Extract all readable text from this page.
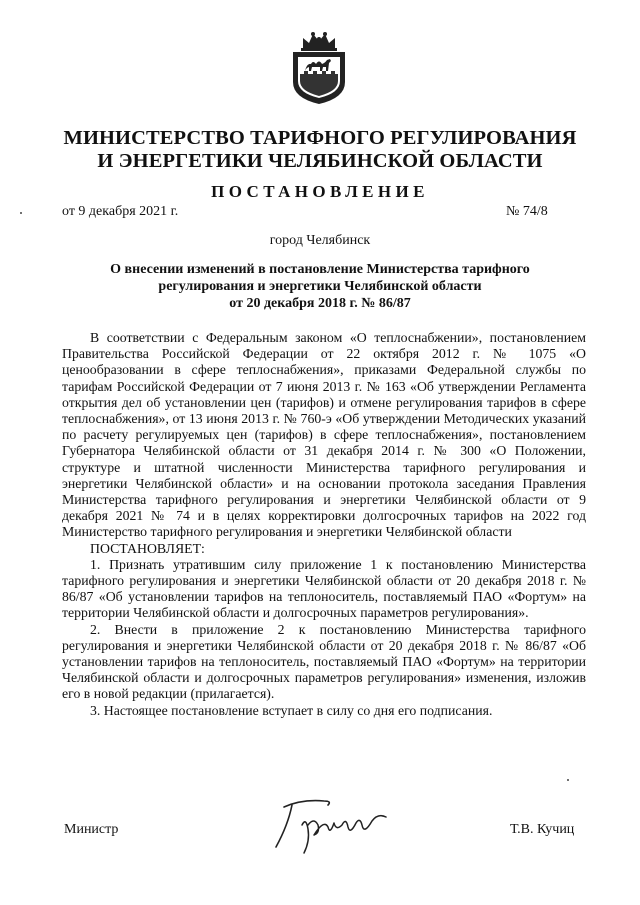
МИНИСТЕРСТВО ТАРИФНОГО РЕГУЛИРОВАНИЯ
И ЭНЕРГЕТИКИ ЧЕЛЯБИНСКОЙ ОБЛАСТИ
ПОСТАНОВЛЕНИЕ
от 9 декабря 2021 г.	№ 74/8
город Челябинск
О внесении изменений в постановление Министерства тарифного
регулирования и энергетики Челябинской области
от 20 декабря 2018 г. № 86/87

В соответствии с Федеральным законом «О теплоснабжении», постановлением Правительства Российской Федерации от 22 октября 2012 г. № 1075 «О ценообразовании в сфере теплоснабжения», приказами Федеральной службы по тарифам Российской Федерации от 7 июня 2013 г. № 163 «Об утверждении Регламента открытия дел об установлении цен (тарифов) и отмене регулирования тарифов в сфере теплоснабжения», от 13 июня 2013 г. № 760-э «Об утверждении Методических указаний по расчету регулируемых цен (тарифов) в сфере теплоснабжения», постановлением Губернатора Челябинской области от 31 декабря 2014 г. № 300 «О Положении, структуре и штатной численности Министерства тарифного регулирования и энергетики Челябинской области» и на основании протокола заседания Правления Министерства тарифного регулирования и энергетики Челябинской области от 9 декабря 2021 № 74 и в целях корректировки долгосрочных тарифов на 2022 год Министерство тарифного регулирования и энергетики Челябинской области

ПОСТАНОВЛЯЕТ:

1. Признать утратившим силу приложение 1 к постановлению Министерства тарифного регулирования и энергетики Челябинской области от 20 декабря 2018 г. № 86/87 «Об установлении тарифов на теплоноситель, поставляемый ПАО «Фортум» на территории Челябинской области и долгосрочных параметров регулирования».

2. Внести в приложение 2 к постановлению Министерства тарифного регулирования и энергетики Челябинской области от 20 декабря 2018 г. № 86/87 «Об установлении тарифов на теплоноситель, поставляемый ПАО «Фортум» на территории Челябинской области и долгосрочных параметров регулирования» изменения, изложив его в новой редакции (прилагается).

3. Настоящее постановление вступает в силу со дня его подписания.

Министр	Т.В. Кучиц
